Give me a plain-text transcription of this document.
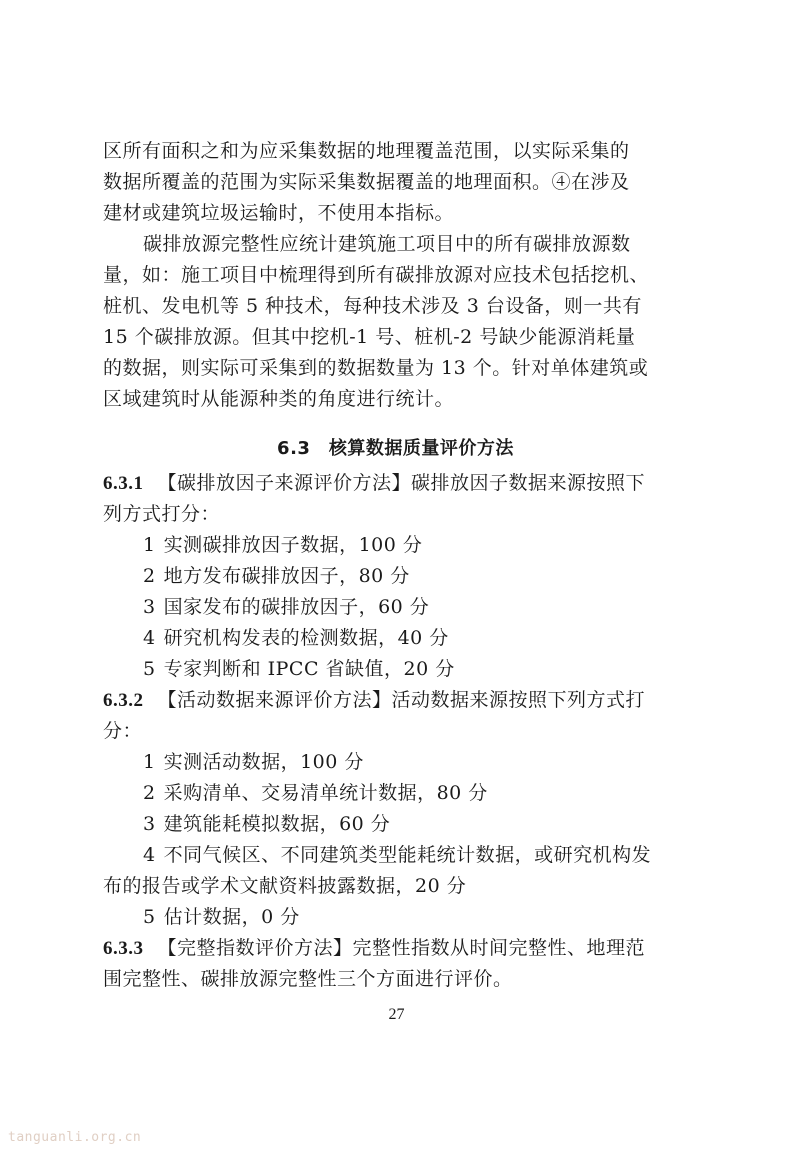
区所有面积之和为应采集数据的地理覆盖范围，以实际采集的
数据所覆盖的范围为实际采集数据覆盖的地理面积。④在涉及
建材或建筑垃圾运输时，不使用本指标。
碳排放源完整性应统计建筑施工项目中的所有碳排放源数
量，如：施工项目中梳理得到所有碳排放源对应技术包括挖机、
桩机、发电机等 5 种技术，每种技术涉及 3 台设备，则一共有
15 个碳排放源。但其中挖机-1 号、桩机-2 号缺少能源消耗量
的数据，则实际可采集到的数据数量为 13 个。针对单体建筑或
区域建筑时从能源种类的角度进行统计。
6.3　核算数据质量评价方法
6.3.1 【碳排放因子来源评价方法】碳排放因子数据来源按照下
列方式打分：
1 实测碳排放因子数据，100 分
2 地方发布碳排放因子，80 分
3 国家发布的碳排放因子，60 分
4 研究机构发表的检测数据，40 分
5 专家判断和 IPCC 省缺值，20 分
6.3.2 【活动数据来源评价方法】活动数据来源按照下列方式打
分：
1 实测活动数据，100 分
2 采购清单、交易清单统计数据，80 分
3 建筑能耗模拟数据，60 分
4 不同气候区、不同建筑类型能耗统计数据，或研究机构发
布的报告或学术文献资料披露数据，20 分
5 估计数据，0 分
6.3.3 【完整指数评价方法】完整性指数从时间完整性、地理范
围完整性、碳排放源完整性三个方面进行评价。
27
tanguanli.org.cn
